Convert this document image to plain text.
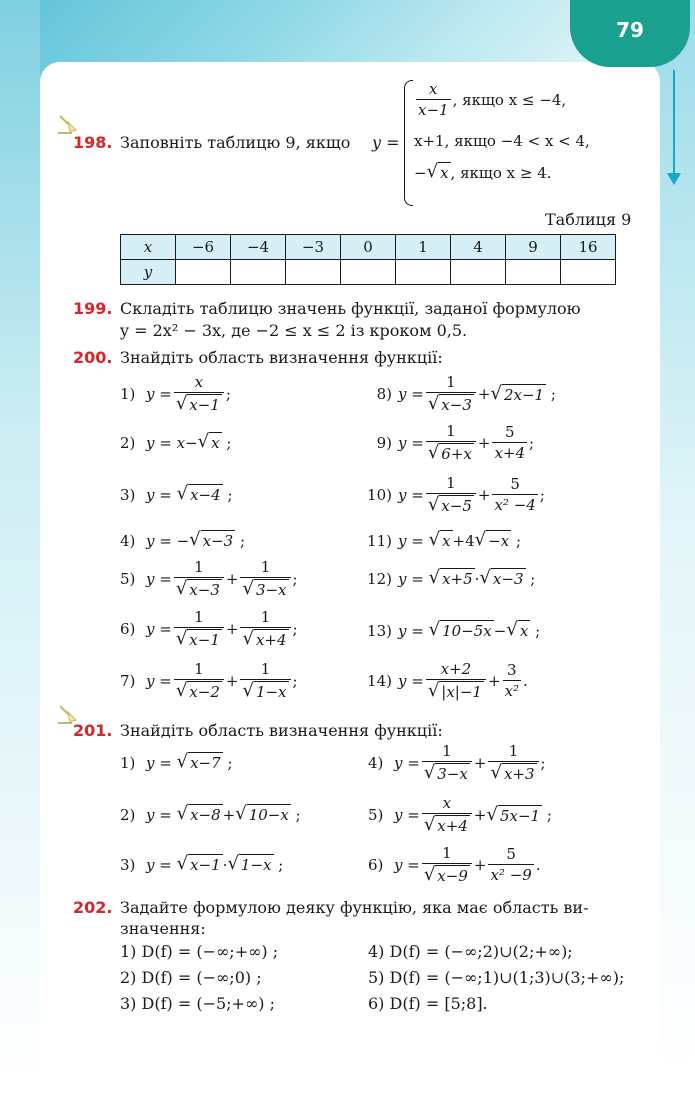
79
198. Заповніть таблицю 9, якщо y =
$\frac{x}{x-1}$ , якщо x ≤ −4,
x+1, якщо −4 < x < 4,
− √ x , якщо x ≥ 4.
Таблиця 9
x	−6	−4	−3	0	1	4	9	16
y								
199. Складіть таблицю значень функції, заданої формулою
y = 2x² − 3x, де −2 ≤ x ≤ 2 із кроком 0,5.
200. Знайдіть область визначення функції:
1) $y = \frac{x}{√ x-1}$ ;
2) y =
x− √ x
;
3) y =
√ x−4
;
4) y =
− √ x−3
;
5) $y = \frac{1}{√ x-3} + \frac{1}{√ 3-x}$ ;
6) $y = \frac{1}{√ x-1} + \frac{1}{√ x+4}$ ;
7) $y = \frac{1}{√ x-2} + \frac{1}{√ 1-x}$ ;
8) $y = \frac{1}{√ x-3}$ + √ 2x−1
;
9) $y = \frac{1}{√ 6+x} + \frac{5}{x+4}$ ;
10) $y = \frac{1}{√ x-5} + \frac{5}{\text{x² −4}}$ ;
11) y =
√ x +4 √ −x
;
12) y =
√ x+5 · √ x−3
;
13) y =
√ 10−5x − √ x
;
14) $y = \frac{x+2}{√ |x|-1} + \frac{3}{\text{x²}}$ .
201. Знайдіть область визначення функції:
1) y =
√ x−7
;
2) y =
√ x−8 + √ 10−x
;
3) y =
√ x−1 · √ 1−x
;
4) $y = \frac{1}{√ 3-x} + \frac{1}{√ x+3}$ ;
5) $y = \frac{x}{√ x+4}$ + √ 5x−1
;
6) $y = \frac{1}{√ x-9} + \frac{5}{\text{x² −9}}$ .
202. Задайте формулою деяку функцію, яка має область ви-
значення:
1) D(f) = (−∞;+∞) ;
2) D(f) = (−∞;0) ;
3) D(f) = (−5;+∞) ;
4) D(f) = (−∞;2)∪(2;+∞);
5) D(f) = (−∞;1)∪(1;3)∪(3;+∞);
6) D(f) = [5;8].
